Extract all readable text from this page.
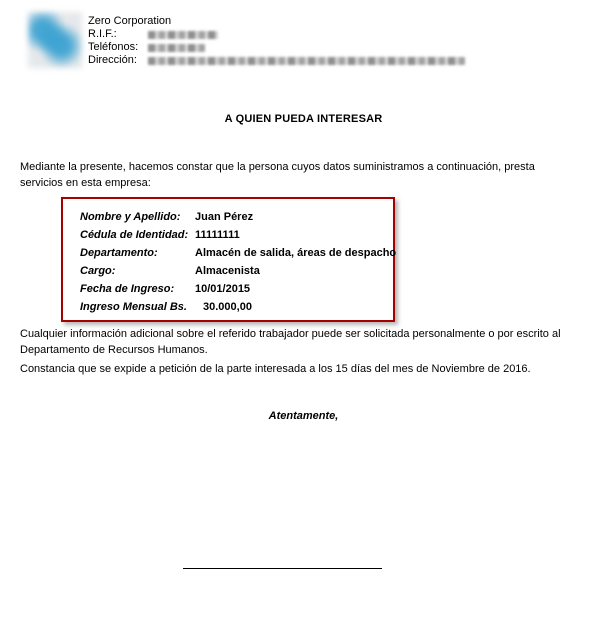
Zero Corporation
R.I.F.:
Teléfonos:
Dirección:
A QUIEN PUEDA INTERESAR

Mediante la presente, hacemos constar que la persona cuyos datos suministramos a continuación, presta servicios en esta empresa:

Nombre y Apellido:	Juan Pérez
Cédula de Identidad: 11111111
Departamento:	Almacén de salida, áreas de despacho
Cargo:	Almacenista
Fecha de Ingreso:	10/01/2015
Ingreso Mensual Bs.	30.000,00

Cualquier información adicional sobre el referido trabajador puede ser solicitada personalmente o por escrito al Departamento de Recursos Humanos.

Constancia que se expide a petición de la parte interesada a los 15 días del mes de Noviembre de 2016.

Atentamente,
